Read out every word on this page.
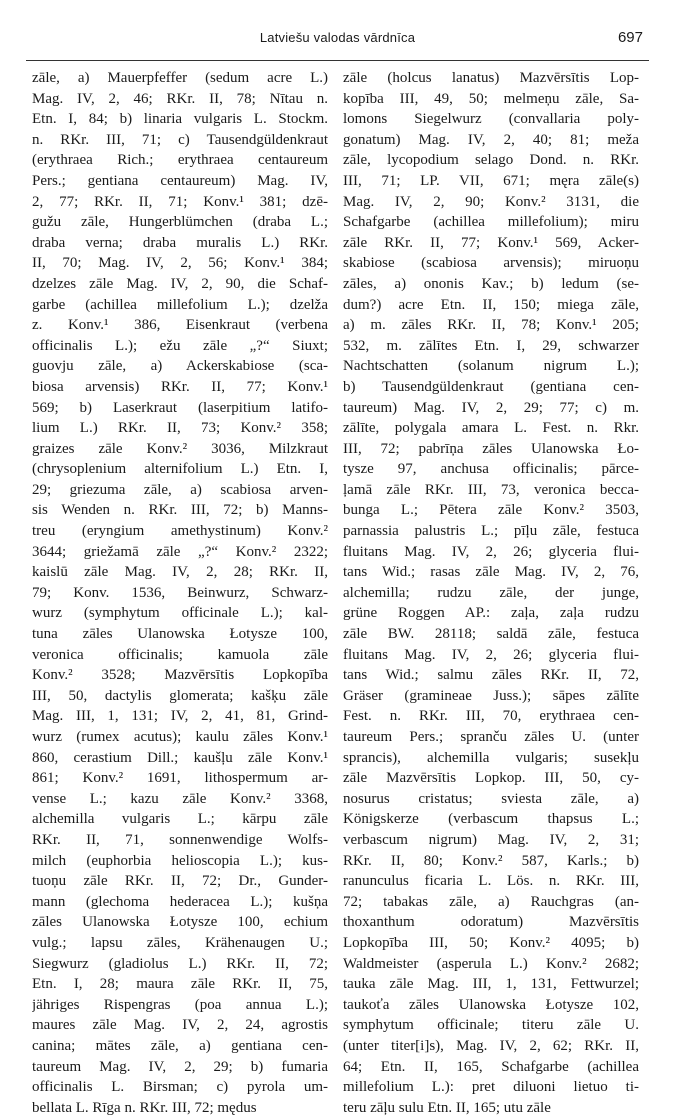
Latviešu valodas vārdnīca	697
zāle, a) Mauerpfeffer (sedum acre L.)
Mag. IV, 2, 46; RKr. II, 78; Nītau n.
Etn. I, 84; b) linaria vulgaris L. Stockm.
n. RKr. III, 71; c) Tausendgüldenkraut
(erythraea Rich.; erythraea centaureum
Pers.; gentiana centaureum) Mag. IV,
2, 77; RKr. II, 71; Konv.¹ 381; dzē-
gužu zāle, Hungerblümchen (draba L.;
draba verna; draba muralis L.) RKr.
II, 70; Mag. IV, 2, 56; Konv.¹ 384;
dzelzes zāle Mag. IV, 2, 90, die Schaf-
garbe (achillea millefolium L.); dzelža
z. Konv.¹ 386, Eisenkraut (verbena
officinalis L.); ežu zāle „?“ Siuxt;
guovju zāle, a) Ackerskabiose (sca-
biosa arvensis) RKr. II, 77; Konv.¹
569; b) Laserkraut (laserpitium latifo-
lium L.) RKr. II, 73; Konv.² 358;
graizes zāle Konv.² 3036, Milzkraut
(chrysoplenium alternifolium L.) Etn. I,
29; griezuma zāle, a) scabiosa arven-
sis Wenden n. RKr. III, 72; b) Manns-
treu (eryngium amethystinum) Konv.²
3644; griežamā zāle „?“ Konv.² 2322;
kaislū zāle Mag. IV, 2, 28; RKr. II,
79; Konv. 1536, Beinwurz, Schwarz-
wurz (symphytum officinale L.); kal-
tuna zāles Ulanowska Łotysze 100,
veronica officinalis; kamuola zāle
Konv.² 3528; Mazvērsītis Lopkopība
III, 50, dactylis glomerata; kašķu zāle
Mag. III, 1, 131; IV, 2, 41, 81, Grind-
wurz (rumex acutus); kaulu zāles Konv.¹
860, cerastium Dill.; kaušļu zāle Konv.¹
861; Konv.² 1691, lithospermum ar-
vense L.; kazu zāle Konv.² 3368,
alchemilla vulgaris L.; kārpu zāle
RKr. II, 71, sonnenwendige Wolfs-
milch (euphorbia helioscopia L.); kus-
tuoņu zāle RKr. II, 72; Dr., Gunder-
mann (glechoma hederacea L.); kušņa
zāles Ulanowska Łotysze 100, echium
vulg.; lapsu zāles, Krähenaugen U.;
Siegwurz (gladiolus L.) RKr. II, 72;
Etn. I, 28; maura zāle RKr. II, 75,
jähriges Rispengras (poa annua L.);
maures zāle Mag. IV, 2, 24, agrostis
canina; mātes zāle, a) gentiana cen-
taureum Mag. IV, 2, 29; b) fumaria
officinalis L. Birsman; c) pyrola um-
bellata L. Rīga n. RKr. III, 72; mędus
zāle (holcus lanatus) Mazvērsītis Lop-
kopība III, 49, 50; melmeņu zāle, Sa-
lomons Siegelwurz (convallaria poly-
gonatum) Mag. IV, 2, 40; 81; meža
zāle, lycopodium selago Dond. n. RKr.
III, 71; LP. VII, 671; męra zāle(s)
Mag. IV, 2, 90; Konv.² 3131, die
Schafgarbe (achillea millefolium); miru
zāle RKr. II, 77; Konv.¹ 569, Acker-
skabiose (scabiosa arvensis); miruoņu
zāles, a) ononis Kav.; b) ledum (se-
dum?) acre Etn. II, 150; miega zāle,
a) m. zāles RKr. II, 78; Konv.¹ 205;
532, m. zālītes Etn. I, 29, schwarzer
Nachtschatten (solanum nigrum L.);
b) Tausendgüldenkraut (gentiana cen-
taureum) Mag. IV, 2, 29; 77; c) m.
zālīte, polygala amara L. Fest. n. Rkr.
III, 72; pabrīņa zāles Ulanowska Ło-
tysze 97, anchusa officinalis; pārce-
ļamā zāle RKr. III, 73, veronica becca-
bunga L.; Pētera zāle Konv.² 3503,
parnassia palustris L.; pīļu zāle, festuca
fluitans Mag. IV, 2, 26; glyceria flui-
tans Wid.; rasas zāle Mag. IV, 2, 76,
alchemilla; rudzu zāle, der junge,
grüne Roggen AP.: zaļa, zaļa rudzu
zāle BW. 28118; saldā zāle, festuca
fluitans Mag. IV, 2, 26; glyceria flui-
tans Wid.; salmu zāles RKr. II, 72,
Gräser (gramineae Juss.); sāpes zālīte
Fest. n. RKr. III, 70, erythraea cen-
taureum Pers.; spranču zāles U. (unter
sprancis), alchemilla vulgaris; susekļu
zāle Mazvērsītis Lopkop. III, 50, cy-
nosurus cristatus; sviesta zāle, a)
Königskerze (verbascum thapsus L.;
verbascum nigrum) Mag. IV, 2, 31;
RKr. II, 80; Konv.² 587, Karls.; b)
ranunculus ficaria L. Lös. n. RKr. III,
72; tabakas zāle, a) Rauchgras (an-
thoxanthum odoratum) Mazvērsītis
Lopkopība III, 50; Konv.² 4095; b)
Waldmeister (asperula L.) Konv.² 2682;
tauka zāle Mag. III, 1, 131, Fettwurzel;
taukoťa zāles Ulanowska Łotysze 102,
symphytum officinale; titeru zāle U.
(unter titer[i]s), Mag. IV, 2, 62; RKr. II,
64; Etn. II, 165, Schafgarbe (achillea
millefolium L.): pret diluoni lietuo ti-
teru zāļu sulu Etn. II, 165; utu zāle
